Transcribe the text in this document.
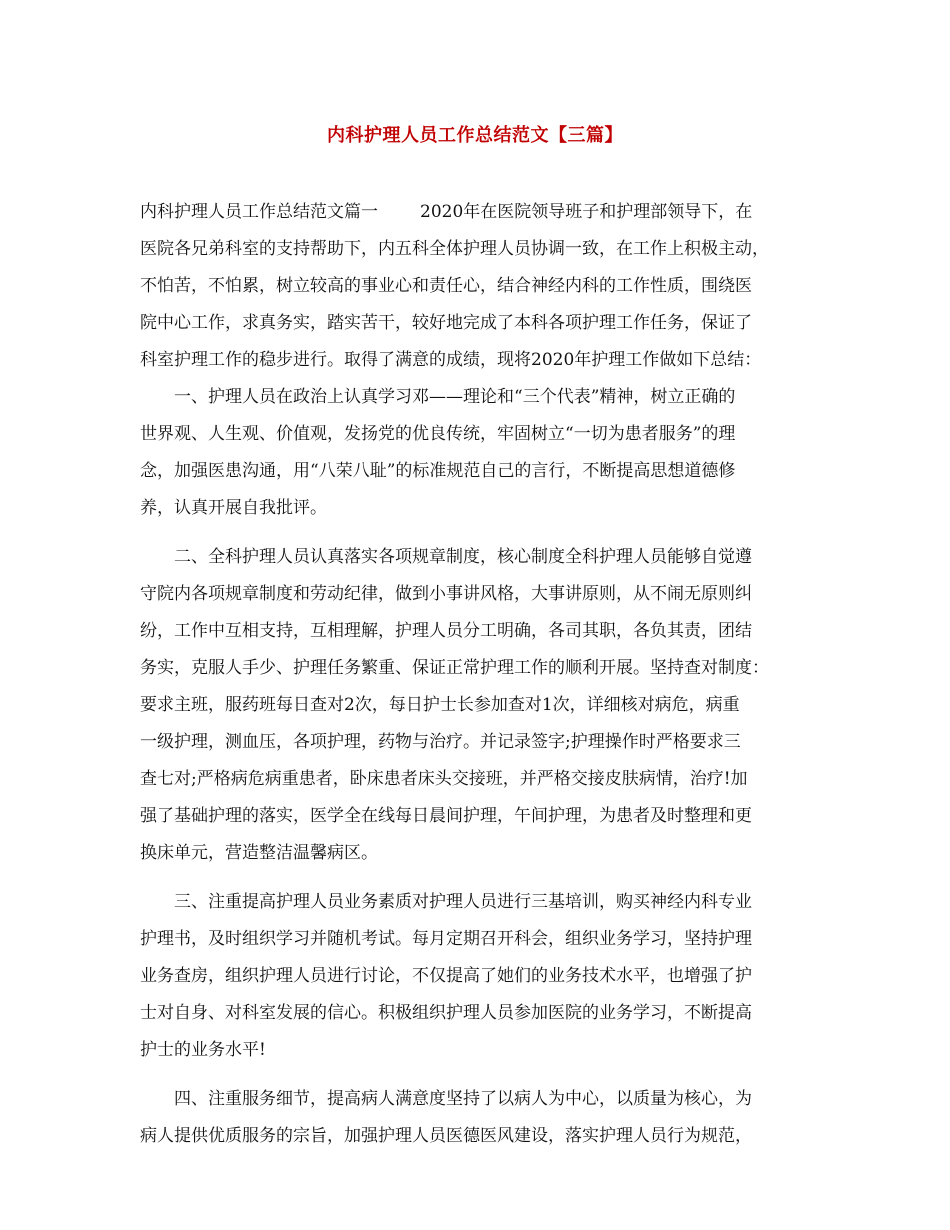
内科护理人员工作总结范文【三篇】
内科护理人员工作总结范文篇一 2020年在医院领导班子和护理部领导下，在
医院各兄弟科室的支持帮助下，内五科全体护理人员协调一致，在工作上积极主动，
不怕苦，不怕累，树立较高的事业心和责任心，结合神经内科的工作性质，围绕医
院中心工作，求真务实，踏实苦干，较好地完成了本科各项护理工作任务，保证了
科室护理工作的稳步进行。取得了满意的成绩，现将2020年护理工作做如下总结：
一、护理人员在政治上认真学习邓——理论和“三个代表”精神，树立正确的
世界观、人生观、价值观，发扬党的优良传统，牢固树立“一切为患者服务”的理
念，加强医患沟通，用“八荣八耻”的标准规范自己的言行，不断提高思想道德修
养，认真开展自我批评。
二、全科护理人员认真落实各项规章制度，核心制度全科护理人员能够自觉遵
守院内各项规章制度和劳动纪律，做到小事讲风格，大事讲原则，从不闹无原则纠
纷，工作中互相支持，互相理解，护理人员分工明确，各司其职，各负其责，团结
务实，克服人手少、护理任务繁重、保证正常护理工作的顺利开展。坚持查对制度：
要求主班，服药班每日查对2次，每日护士长参加查对1次，详细核对病危，病重
一级护理，测血压，各项护理，药物与治疗。并记录签字;护理操作时严格要求三
查七对;严格病危病重患者，卧床患者床头交接班，并严格交接皮肤病情，治疗!加
强了基础护理的落实，医学全在线每日晨间护理，午间护理，为患者及时整理和更
换床单元，营造整洁温馨病区。
三、注重提高护理人员业务素质对护理人员进行三基培训，购买神经内科专业
护理书，及时组织学习并随机考试。每月定期召开科会，组织业务学习，坚持护理
业务查房，组织护理人员进行讨论，不仅提高了她们的业务技术水平，也增强了护
士对自身、对科室发展的信心。积极组织护理人员参加医院的业务学习，不断提高
护士的业务水平!
四、注重服务细节，提高病人满意度坚持了以病人为中心，以质量为核心，为
病人提供优质服务的宗旨，加强护理人员医德医风建设，落实护理人员行为规范，
